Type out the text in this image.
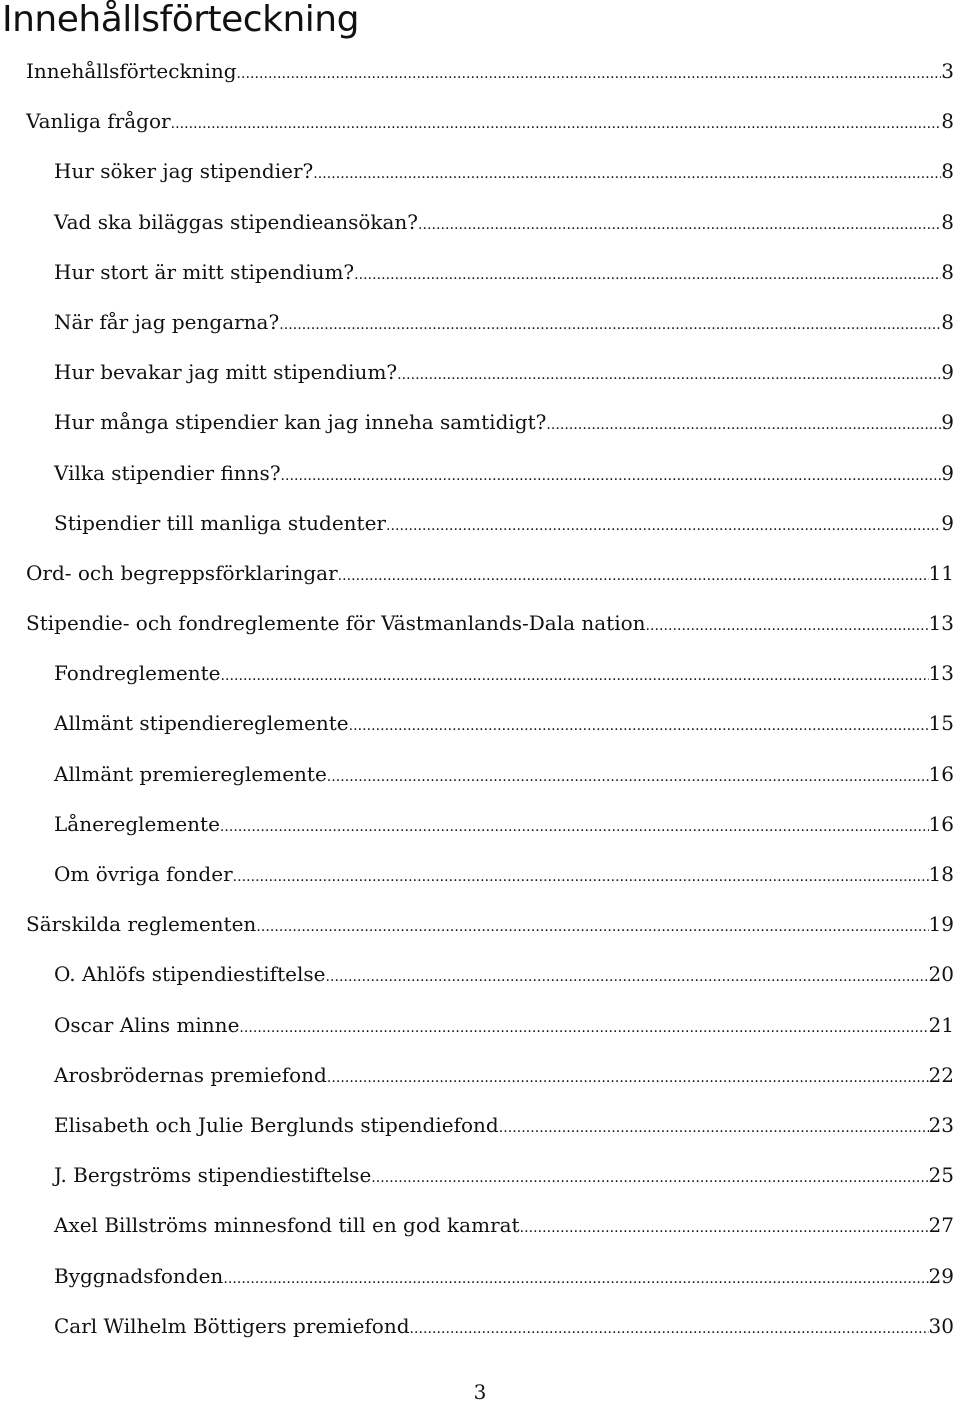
Innehållsförteckning
Innehållsförteckning . . .	3
Vanliga frågor . . .	8
Hur söker jag stipendier? . . .	8
Vad ska biläggas stipendieansökan? . . .	8
Hur stort är mitt stipendium? . . .	8
När får jag pengarna? . . .	8
Hur bevakar jag mitt stipendium? . . .	9
Hur många stipendier kan jag inneha samtidigt? . . .	9
Vilka stipendier finns? . . .	9
Stipendier till manliga studenter . . .	9
Ord- och begreppsförklaringar . . .	11
Stipendie- och fondreglemente för Västmanlands-Dala nation . . .	13
Fondreglemente . . .	13
Allmänt stipendiereglemente . . .	15
Allmänt premiereglemente . . .	16
Lånereglemente . . .	16
Om övriga fonder . . .	18
Särskilda reglementen . . .	19
O. Ahlöfs stipendiestiftelse . . .	20
Oscar Alins minne . . .	21
Arosbrödernas premiefond . . .	22
Elisabeth och Julie Berglunds stipendiefond . . .	23
J. Bergströms stipendiestiftelse . . .	25
Axel Billströms minnesfond till en god kamrat . . .	27
Byggnadsfonden . . .	29
Carl Wilhelm Böttigers premiefond . . .	30
3
